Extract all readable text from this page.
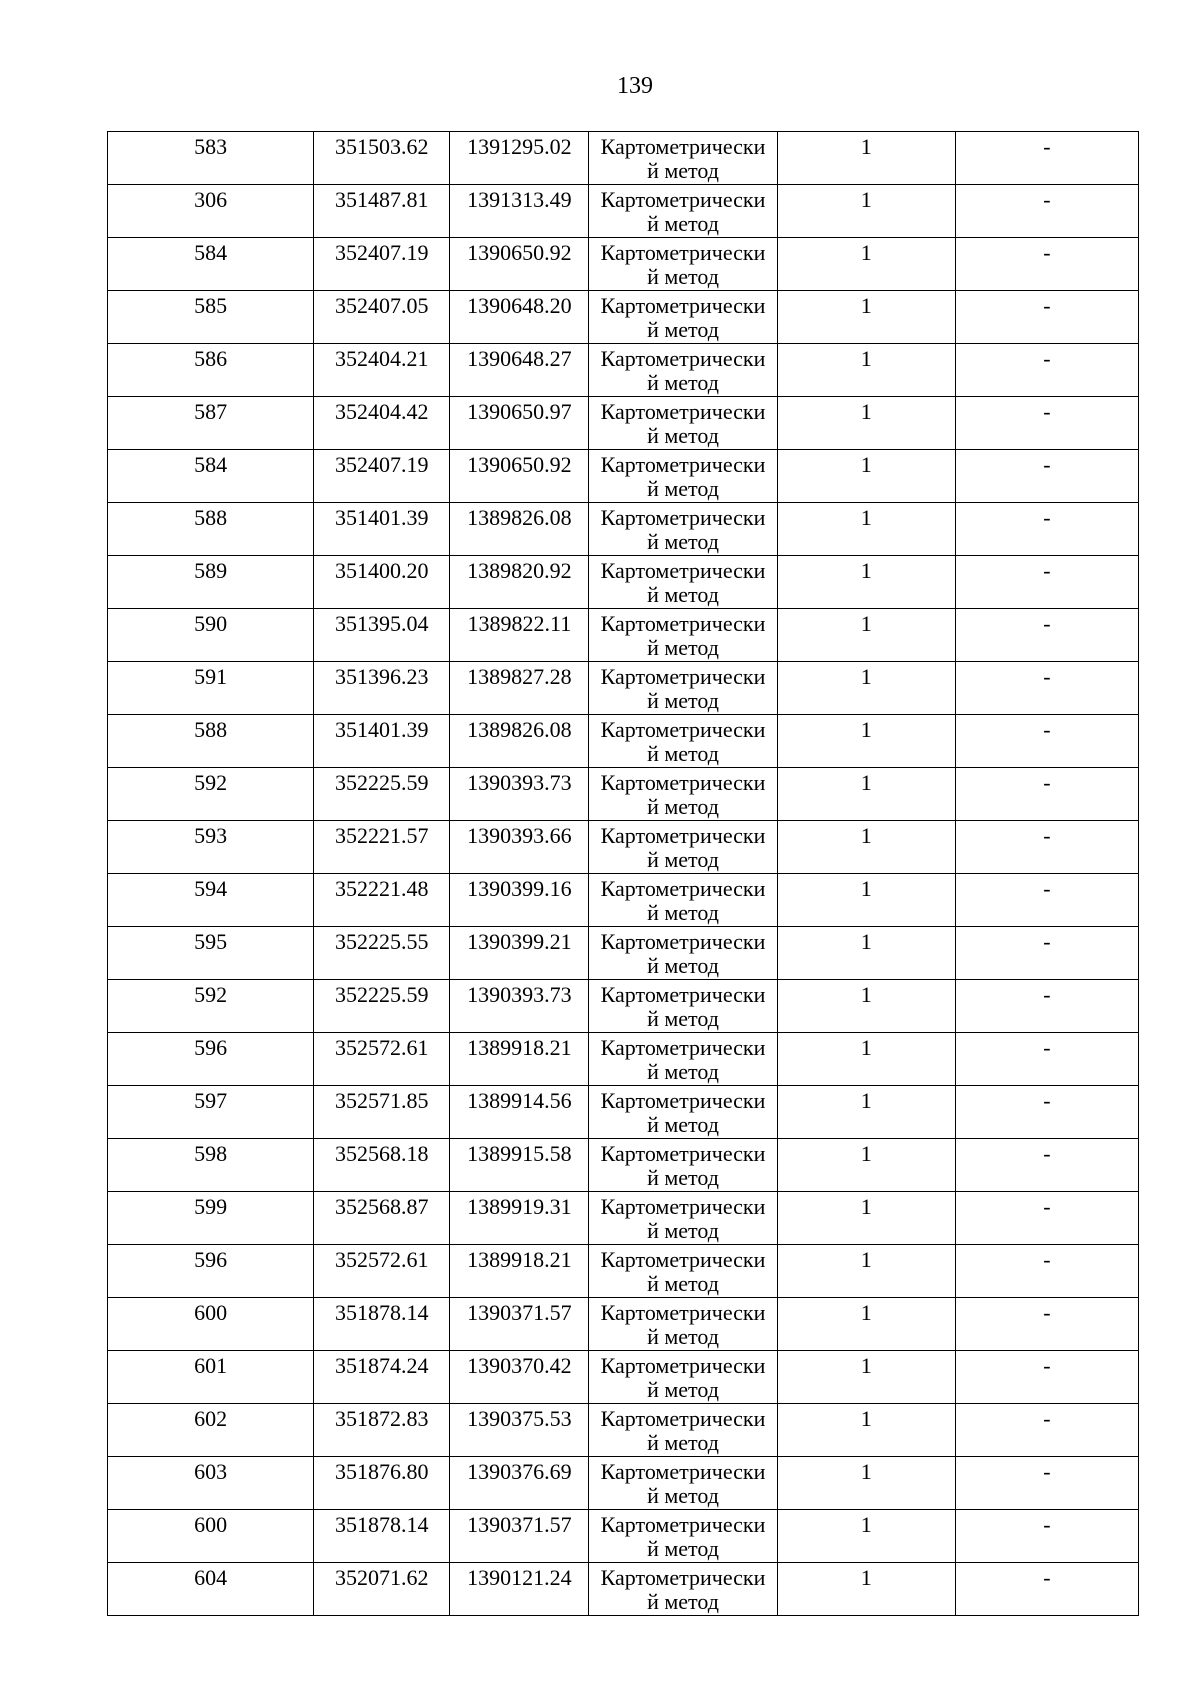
139
583	351503.62	1391295.02	Картометрически
й метод	1	-

306	351487.81	1391313.49	Картометрически
й метод	1	-

584	352407.19	1390650.92	Картометрически
й метод	1	-

585	352407.05	1390648.20	Картометрически
й метод	1	-

586	352404.21	1390648.27	Картометрически
й метод	1	-

587	352404.42	1390650.97	Картометрически
й метод	1	-

584	352407.19	1390650.92	Картометрически
й метод	1	-

588	351401.39	1389826.08	Картометрически
й метод	1	-

589	351400.20	1389820.92	Картометрически
й метод	1	-

590	351395.04	1389822.11	Картометрически
й метод	1	-

591	351396.23	1389827.28	Картометрически
й метод	1	-

588	351401.39	1389826.08	Картометрически
й метод	1	-

592	352225.59	1390393.73	Картометрически
й метод	1	-

593	352221.57	1390393.66	Картометрически
й метод	1	-

594	352221.48	1390399.16	Картометрически
й метод	1	-

595	352225.55	1390399.21	Картометрически
й метод	1	-

592	352225.59	1390393.73	Картометрически
й метод	1	-

596	352572.61	1389918.21	Картометрически
й метод	1	-

597	352571.85	1389914.56	Картометрически
й метод	1	-

598	352568.18	1389915.58	Картометрически
й метод	1	-

599	352568.87	1389919.31	Картометрически
й метод	1	-

596	352572.61	1389918.21	Картометрически
й метод	1	-

600	351878.14	1390371.57	Картометрически
й метод	1	-

601	351874.24	1390370.42	Картометрически
й метод	1	-

602	351872.83	1390375.53	Картометрически
й метод	1	-

603	351876.80	1390376.69	Картометрически
й метод	1	-

600	351878.14	1390371.57	Картометрически
й метод	1	-

604	352071.62	1390121.24	Картометрически
й метод	1	-
